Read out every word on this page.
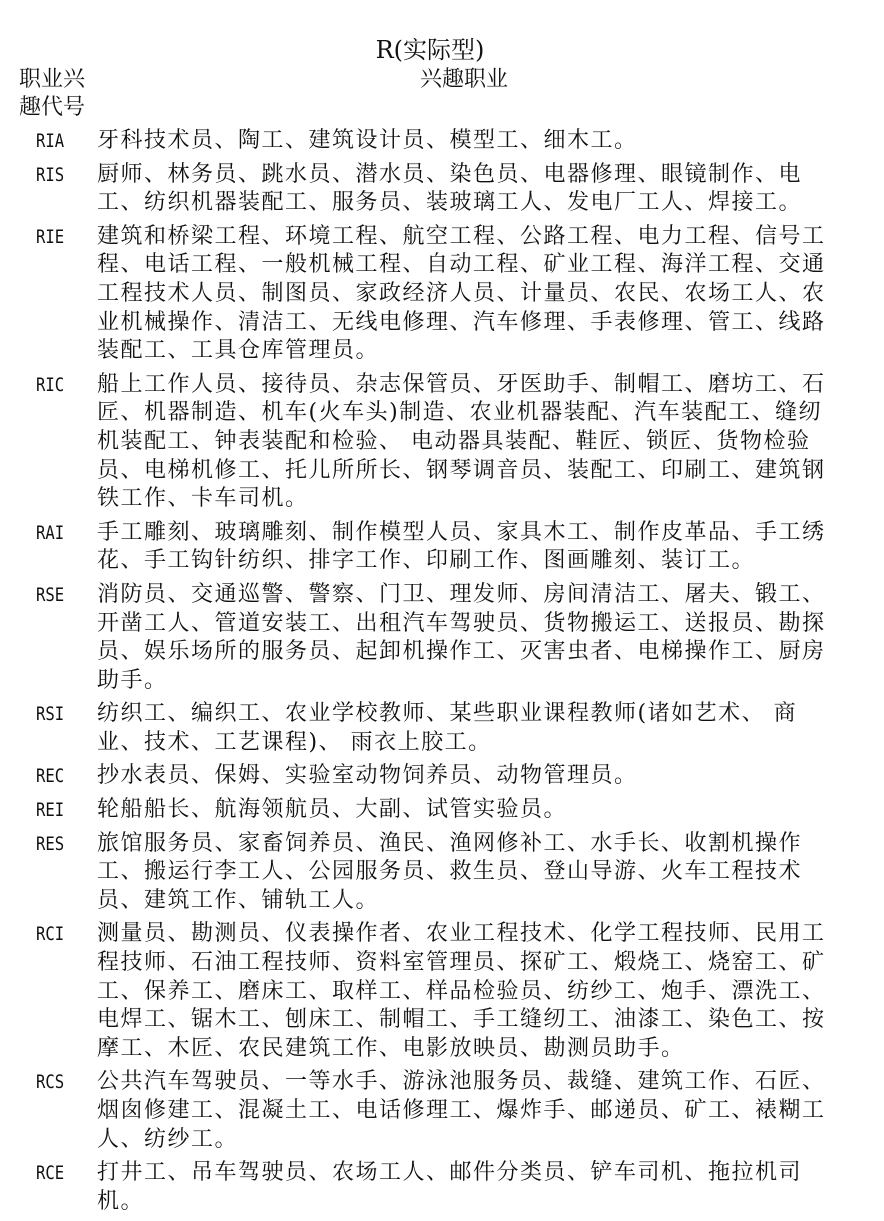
R(实际型)
职业兴
趣代号
兴趣职业
RIA	牙科技术员、陶工、建筑设计员、模型工、细木工。
RIS	厨师、林务员、跳水员、潜水员、染色员、电器修理、眼镜制作、电
工、纺织机器装配工、服务员、装玻璃工人、发电厂工人、焊接工。
RIE	建筑和桥梁工程、环境工程、航空工程、公路工程、电力工程、信号工
程、电话工程、一般机械工程、自动工程、矿业工程、海洋工程、交通
工程技术人员、制图员、家政经济人员、计量员、农民、农场工人、农
业机械操作、清洁工、无线电修理、汽车修理、手表修理、管工、线路
装配工、工具仓库管理员。
RIC	船上工作人员、接待员、杂志保管员、牙医助手、制帽工、磨坊工、石
匠、机器制造、机车(火车头)制造、农业机器装配、汽车装配工、缝纫
机装配工、钟表装配和检验、 电动器具装配、鞋匠、锁匠、货物检验
员、电梯机修工、托儿所所长、钢琴调音员、装配工、印刷工、建筑钢
铁工作、卡车司机。
RAI	手工雕刻、玻璃雕刻、制作模型人员、家具木工、制作皮革品、手工绣
花、手工钩针纺织、排字工作、印刷工作、图画雕刻、装订工。
RSE	消防员、交通巡警、警察、门卫、理发师、房间清洁工、屠夫、锻工、
开凿工人、管道安装工、出租汽车驾驶员、货物搬运工、送报员、勘探
员、娱乐场所的服务员、起卸机操作工、灭害虫者、电梯操作工、厨房
助手。
RSI	纺织工、编织工、农业学校教师、某些职业课程教师(诸如艺术、 商
业、技术、工艺课程)、 雨衣上胶工。
REC	抄水表员、保姆、实验室动物饲养员、动物管理员。
REI	轮船船长、航海领航员、大副、试管实验员。
RES	旅馆服务员、家畜饲养员、渔民、渔网修补工、水手长、收割机操作
工、搬运行李工人、公园服务员、救生员、登山导游、火车工程技术
员、建筑工作、铺轨工人。
RCI	测量员、勘测员、仪表操作者、农业工程技术、化学工程技师、民用工
程技师、石油工程技师、资料室管理员、探矿工、煅烧工、烧窑工、矿
工、保养工、磨床工、取样工、样品检验员、纺纱工、炮手、漂洗工、
电焊工、锯木工、刨床工、制帽工、手工缝纫工、油漆工、染色工、按
摩工、木匠、农民建筑工作、电影放映员、勘测员助手。
RCS	公共汽车驾驶员、一等水手、游泳池服务员、裁缝、建筑工作、石匠、
烟囱修建工、混凝土工、电话修理工、爆炸手、邮递员、矿工、裱糊工
人、纺纱工。
RCE	打井工、吊车驾驶员、农场工人、邮件分类员、铲车司机、拖拉机司
机。
